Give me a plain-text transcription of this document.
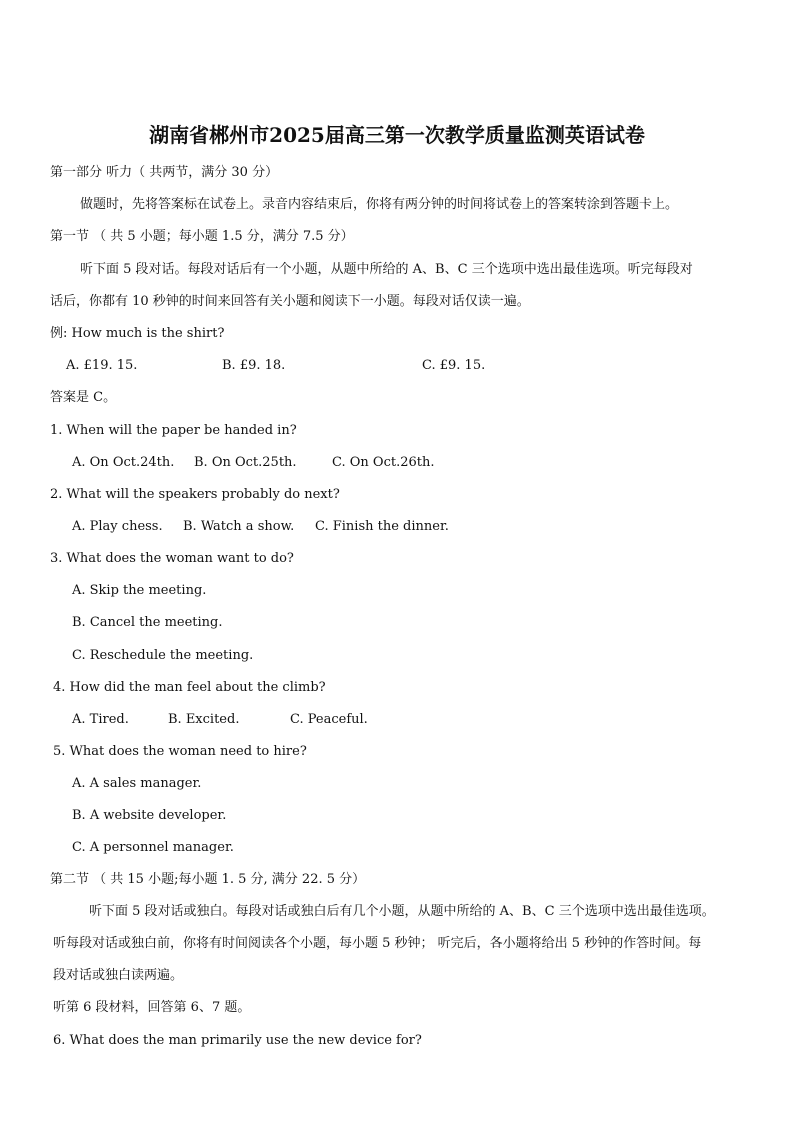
湖南省郴州市2025届高三第一次教学质量监测英语试卷
第一部分 听力（ 共两节，满分 30 分）
做题时，先将答案标在试卷上。录音内容结束后，你将有两分钟的时间将试卷上的答案转涂到答题卡上。
第一节 （ 共 5 小题；每小题 1.5 分，满分 7.5 分）
听下面 5 段对话。每段对话后有一个小题，从题中所给的 A、B、C 三个选项中选出最佳选项。听完每段对
话后，你都有 10 秒钟的时间来回答有关小题和阅读下一小题。每段对话仅读一遍。
例: How much is the shirt?
A. £19. 15.	B. £9. 18.	C. £9. 15.
答案是 C。
1. When will the paper be handed in?
A. On Oct.24th. B. On Oct.25th.	C. On Oct.26th.
2. What will the speakers probably do next?
A. Play chess. B. Watch a show. C. Finish the dinner.
3. What does the woman want to do?
A. Skip the meeting.
B. Cancel the meeting.
C. Reschedule the meeting.
4. How did the man feel about the climb?
A. Tired.	B. Excited.	C. Peaceful.
5. What does the woman need to hire?
A. A sales manager.
B. A website developer.
C. A personnel manager.
第二节 （ 共 15 小题;每小题 1. 5 分, 满分 22. 5 分）
听下面 5 段对话或独白。每段对话或独白后有几个小题，从题中所给的 A、B、C 三个选项中选出最佳选项。
听每段对话或独白前，你将有时间阅读各个小题，每小题 5 秒钟； 听完后，各小题将给出 5 秒钟的作答时间。每
段对话或独白读两遍。
听第 6 段材料，回答第 6、7 题。
6. What does the man primarily use the new device for?
